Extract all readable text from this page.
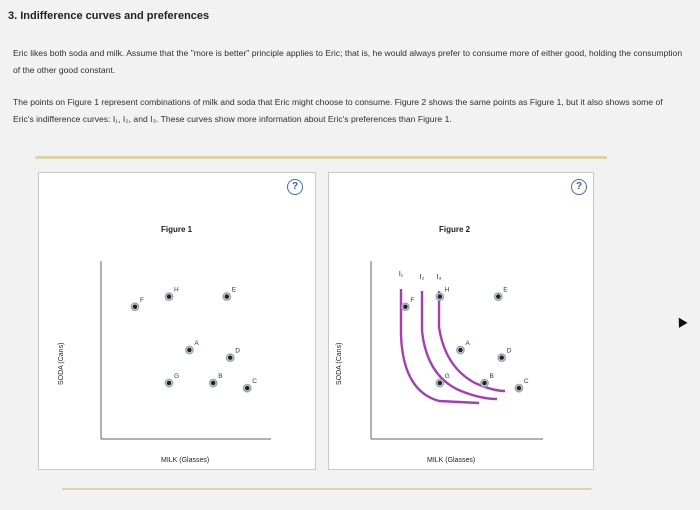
3. Indifference curves and preferences
Eric likes both soda and milk. Assume that the "more is better" principle applies to Eric; that is, he would always prefer to consume more of either good, holding the consumption of the other good constant.
The points on Figure 1 represent combinations of milk and soda that Eric might choose to consume. Figure 2 shows the same points as Figure 1, but it also shows some of Eric's indifference curves: I₁, I₂, and I₃. These curves show more information about Eric's preferences than Figure 1.
?
Figure 1
SODA (Cans)
MILK (Glasses)
F
H	E
A
D
G	B
C
?
Figure 2
SODA (Cans)
MILK (Glasses)
I₁ I₂ I₃
F
H	E
A
D
G	B
C
